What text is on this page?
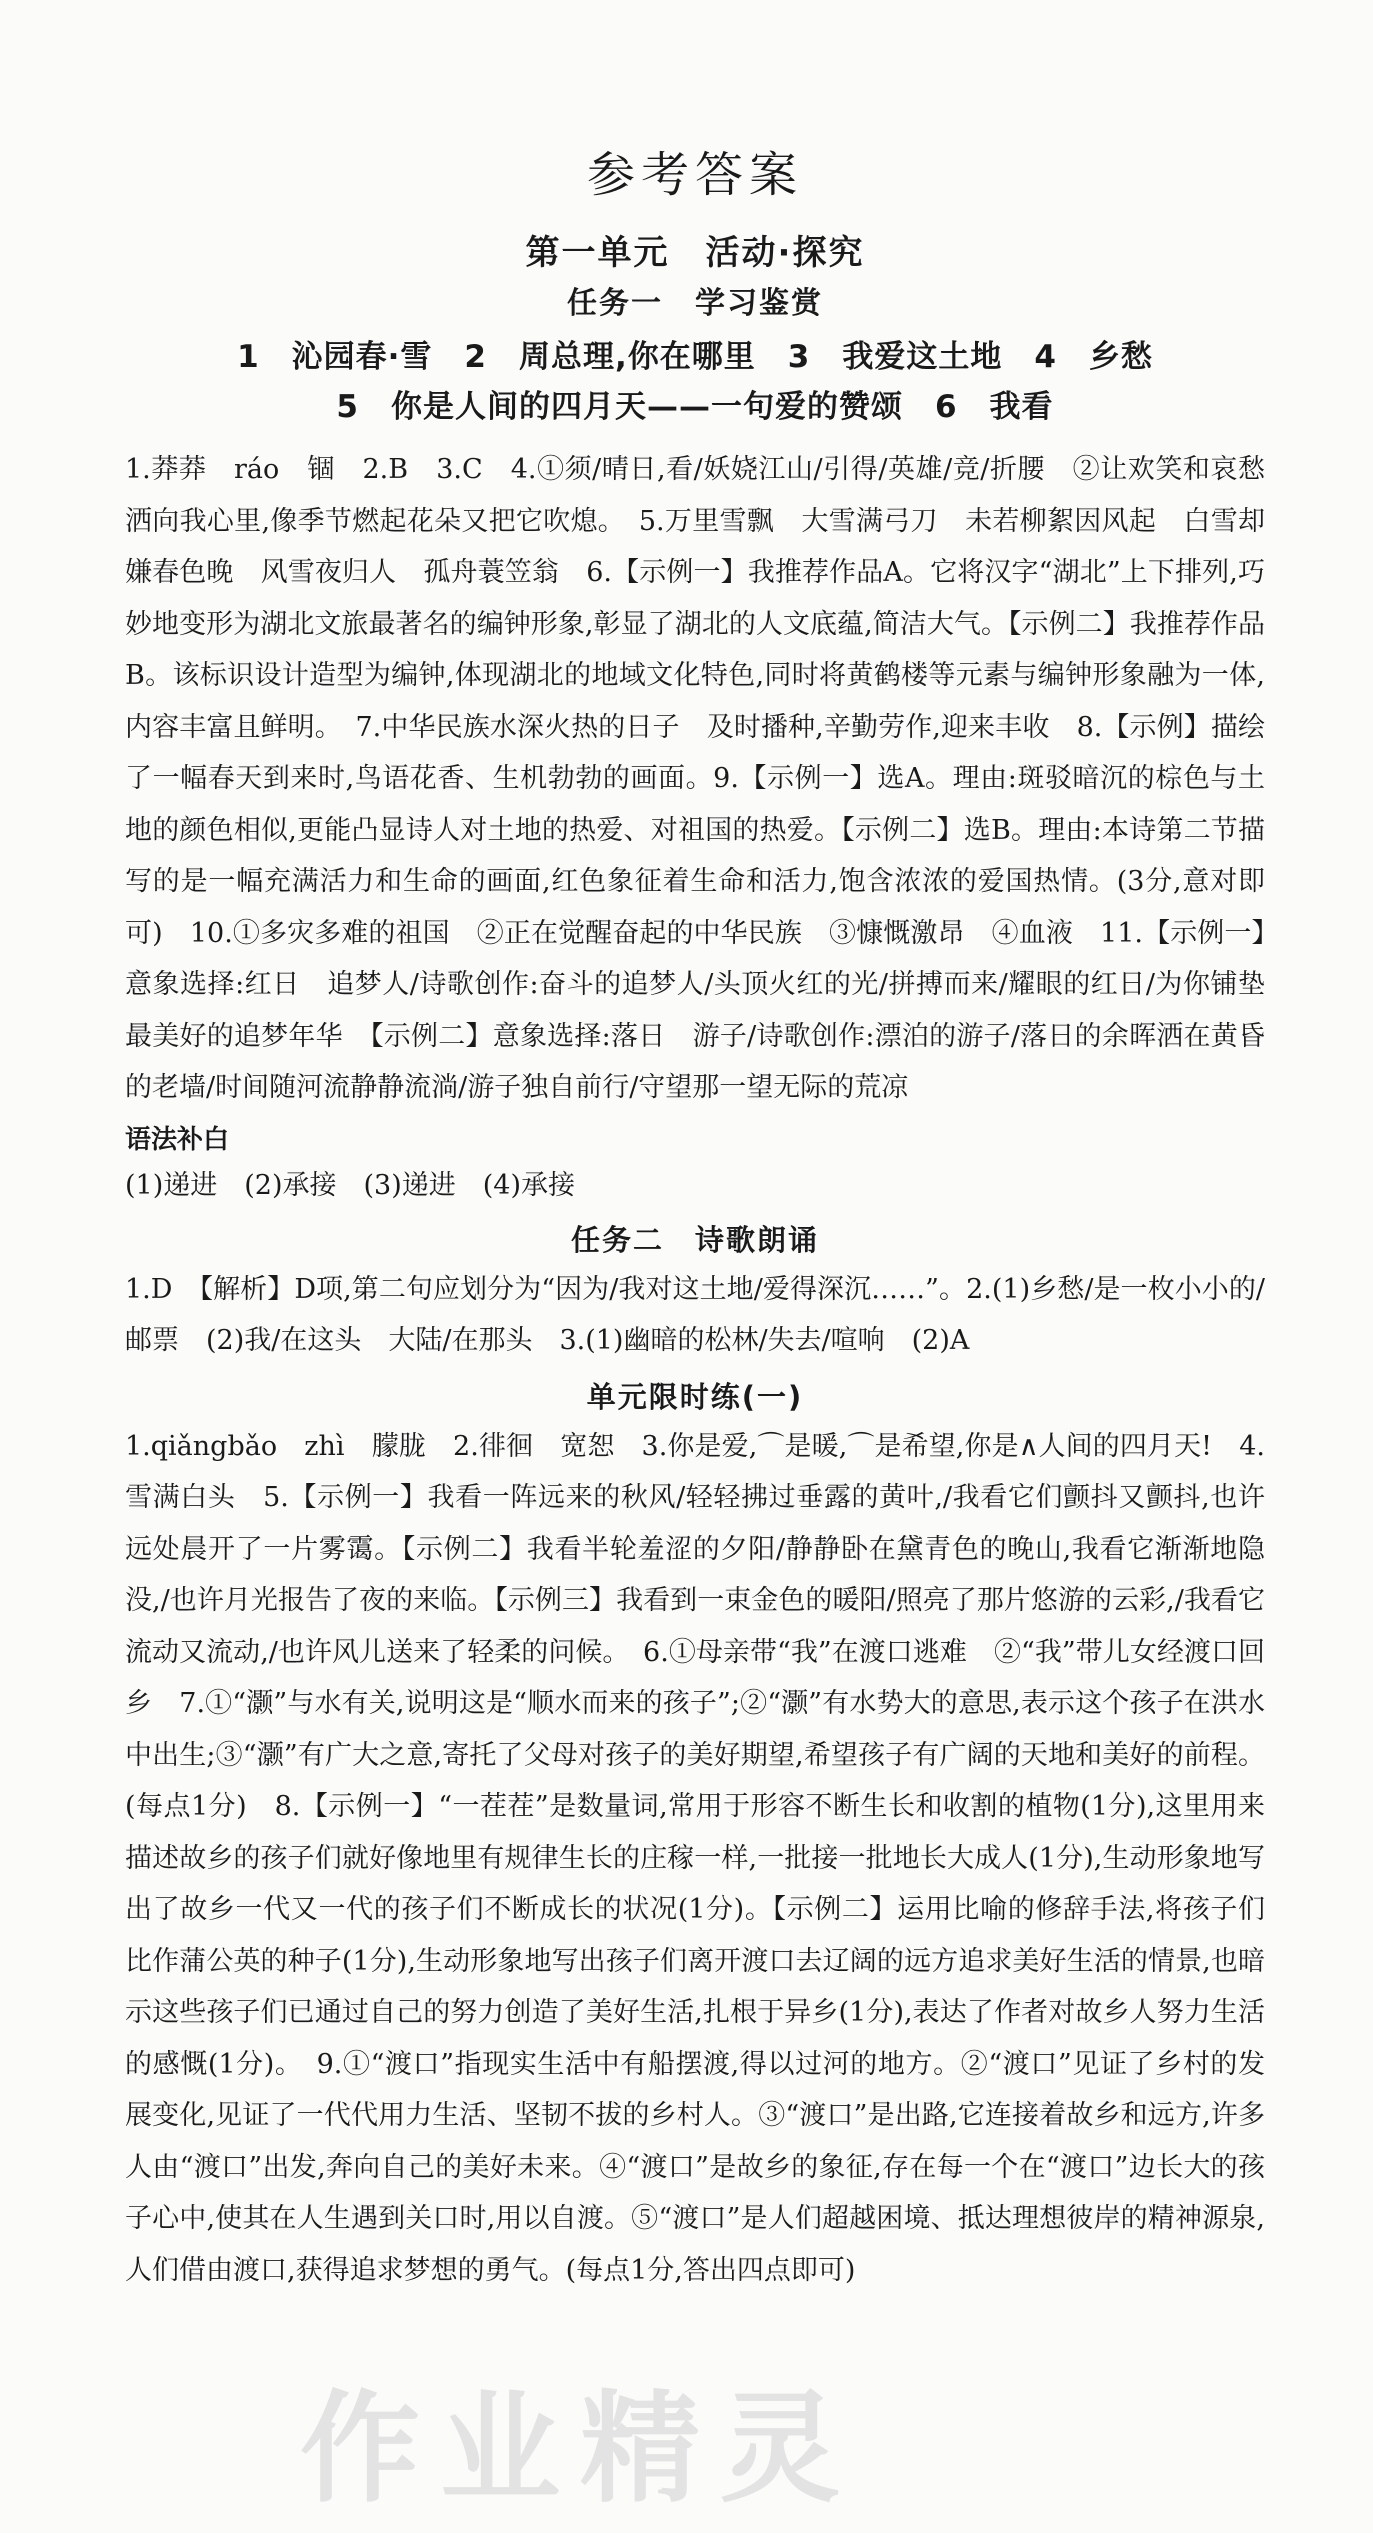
参考答案
第一单元　活动·探究
任务一　学习鉴赏
1　沁园春·雪　2　周总理,你在哪里　3　我爱这土地　4　乡愁
5　你是人间的四月天——一句爱的赞颂　6　我看

1.莽莽　ráo　锢　2.B　3.C　4.①须/晴日,看/妖娆江山/引得/英雄/竞/折腰　②让欢笑和哀愁洒向我心里,像季节燃起花朵又把它吹熄。　5.万里雪飘　大雪满弓刀　未若柳絮因风起　白雪却嫌春色晚　风雪夜归人　孤舟蓑笠翁　6.【示例一】我推荐作品A。它将汉字“湖北”上下排列,巧妙地变形为湖北文旅最著名的编钟形象,彰显了湖北的人文底蕴,简洁大气。【示例二】我推荐作品B。该标识设计造型为编钟,体现湖北的地域文化特色,同时将黄鹤楼等元素与编钟形象融为一体,内容丰富且鲜明。　7.中华民族水深火热的日子　及时播种,辛勤劳作,迎来丰收　8.【示例】描绘了一幅春天到来时,鸟语花香、生机勃勃的画面。9.【示例一】选A。理由:斑驳暗沉的棕色与土地的颜色相似,更能凸显诗人对土地的热爱、对祖国的热爱。【示例二】选B。理由:本诗第二节描写的是一幅充满活力和生命的画面,红色象征着生命和活力,饱含浓浓的爱国热情。(3分,意对即可)　10.①多灾多难的祖国　②正在觉醒奋起的中华民族　③慷慨激昂　④血液　11.【示例一】意象选择:红日　追梦人/诗歌创作:奋斗的追梦人/头顶火红的光/拼搏而来/耀眼的红日/为你铺垫最美好的追梦年华　【示例二】意象选择:落日　游子/诗歌创作:漂泊的游子/落日的余晖洒在黄昏的老墙/时间随河流静静流淌/游子独自前行/守望那一望无际的荒凉

语法补白

(1)递进　(2)承接　(3)递进　(4)承接

任务二　诗歌朗诵

1.D　【解析】D项,第二句应划分为“因为/我对这土地/爱得深沉……”。2.(1)乡愁/是一枚小小的/邮票　(2)我/在这头　大陆/在那头　3.(1)幽暗的松林/失去/喧响　(2)A

单元限时练(一)

1.qiǎngbǎo　zhì　朦胧　2.徘徊　宽恕　3.你是爱,⌒是暖,⌒是希望,你是∧人间的四月天!　4.雪满白头　5.【示例一】我看一阵远来的秋风/轻轻拂过垂露的黄叶,/我看它们颤抖又颤抖,也许远处晨开了一片雾霭。【示例二】我看半轮羞涩的夕阳/静静卧在黛青色的晚山,我看它渐渐地隐没,/也许月光报告了夜的来临。【示例三】我看到一束金色的暖阳/照亮了那片悠游的云彩,/我看它流动又流动,/也许风儿送来了轻柔的问候。　6.①母亲带“我”在渡口逃难　②“我”带儿女经渡口回乡　7.①“灏”与水有关,说明这是“顺水而来的孩子”;②“灏”有水势大的意思,表示这个孩子在洪水中出生;③“灏”有广大之意,寄托了父母对孩子的美好期望,希望孩子有广阔的天地和美好的前程。(每点1分)　8.【示例一】“一茬茬”是数量词,常用于形容不断生长和收割的植物(1分),这里用来描述故乡的孩子们就好像地里有规律生长的庄稼一样,一批接一批地长大成人(1分),生动形象地写出了故乡一代又一代的孩子们不断成长的状况(1分)。【示例二】运用比喻的修辞手法,将孩子们比作蒲公英的种子(1分),生动形象地写出孩子们离开渡口去辽阔的远方追求美好生活的情景,也暗示这些孩子们已通过自己的努力创造了美好生活,扎根于异乡(1分),表达了作者对故乡人努力生活的感慨(1分)。　9.①“渡口”指现实生活中有船摆渡,得以过河的地方。②“渡口”见证了乡村的发展变化,见证了一代代用力生活、坚韧不拔的乡村人。③“渡口”是出路,它连接着故乡和远方,许多人由“渡口”出发,奔向自己的美好未来。④“渡口”是故乡的象征,存在每一个在“渡口”边长大的孩子心中,使其在人生遇到关口时,用以自渡。⑤“渡口”是人们超越困境、抵达理想彼岸的精神源泉,人们借由渡口,获得追求梦想的勇气。(每点1分,答出四点即可)

作业精灵
